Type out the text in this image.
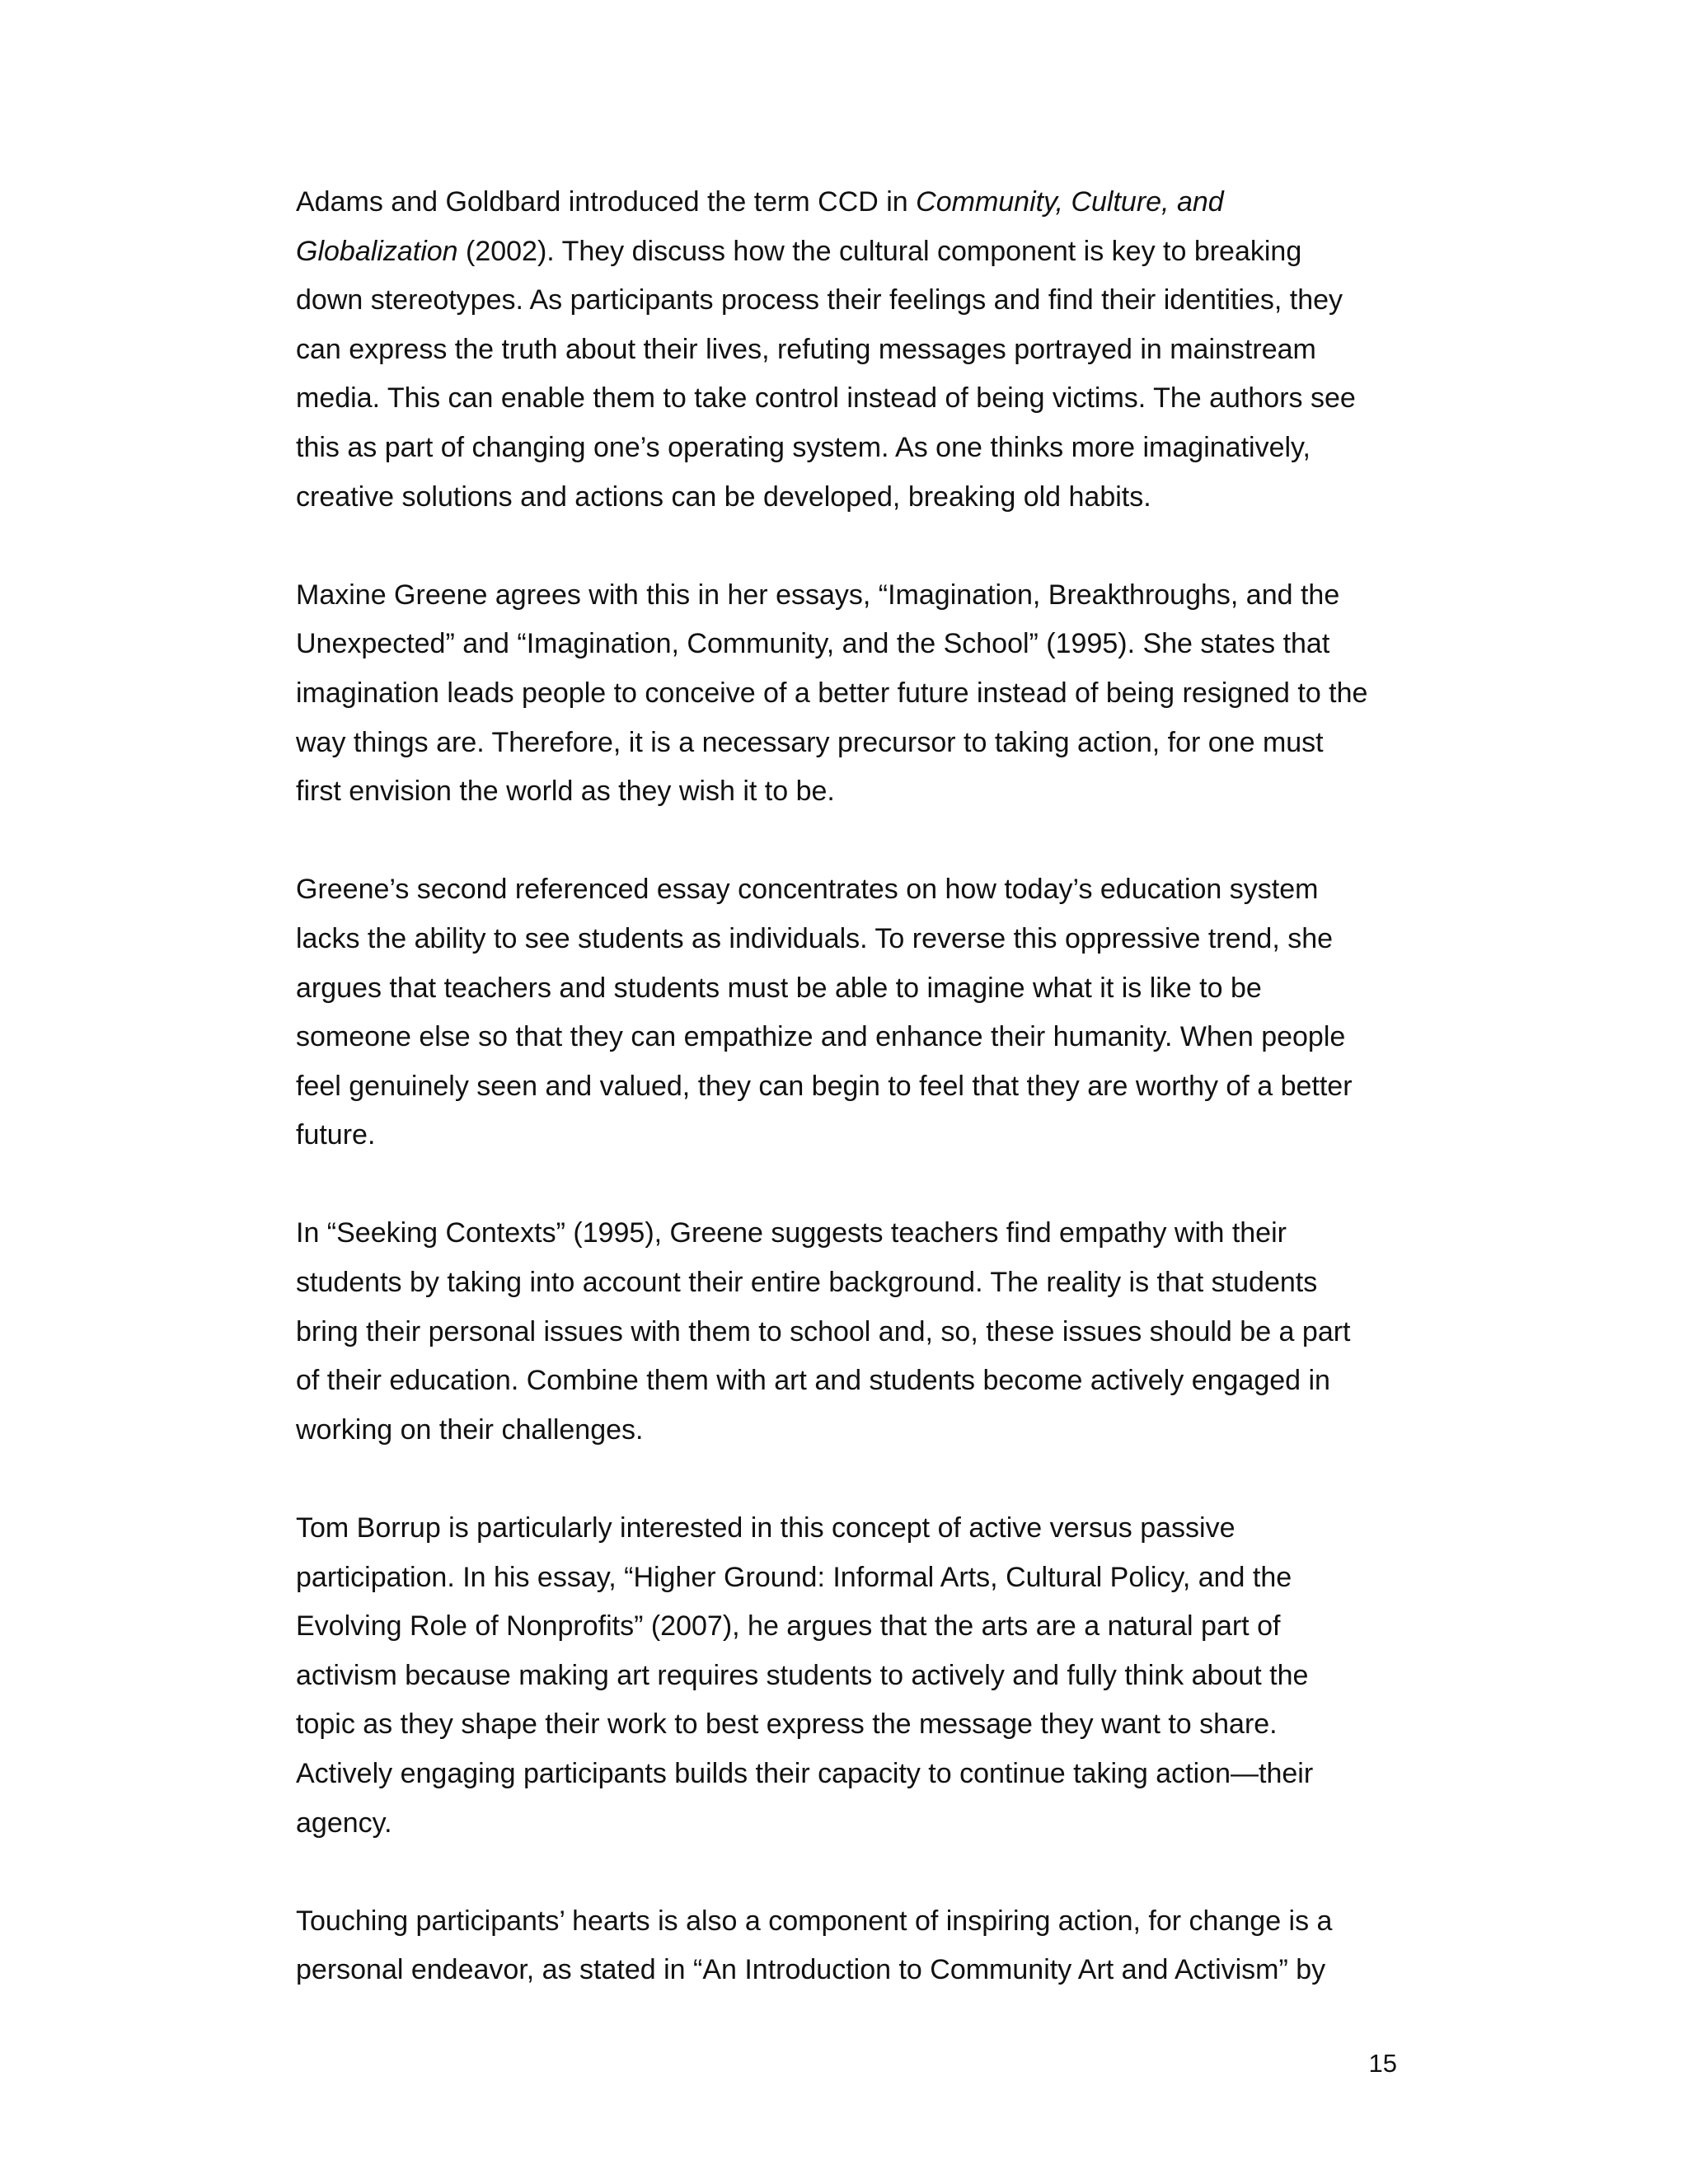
Adams and Goldbard introduced the term CCD in Community, Culture, and
Globalization (2002). They discuss how the cultural component is key to breaking
down stereotypes. As participants process their feelings and find their identities, they
can express the truth about their lives, refuting messages portrayed in mainstream
media. This can enable them to take control instead of being victims. The authors see
this as part of changing one’s operating system. As one thinks more imaginatively,
creative solutions and actions can be developed, breaking old habits.
Maxine Greene agrees with this in her essays, “Imagination, Breakthroughs, and the
Unexpected” and “Imagination, Community, and the School” (1995). She states that
imagination leads people to conceive of a better future instead of being resigned to the
way things are. Therefore, it is a necessary precursor to taking action, for one must
first envision the world as they wish it to be.
Greene’s second referenced essay concentrates on how today’s education system
lacks the ability to see students as individuals. To reverse this oppressive trend, she
argues that teachers and students must be able to imagine what it is like to be
someone else so that they can empathize and enhance their humanity. When people
feel genuinely seen and valued, they can begin to feel that they are worthy of a better
future.
In “Seeking Contexts” (1995), Greene suggests teachers find empathy with their
students by taking into account their entire background. The reality is that students
bring their personal issues with them to school and, so, these issues should be a part
of their education. Combine them with art and students become actively engaged in
working on their challenges.
Tom Borrup is particularly interested in this concept of active versus passive
participation. In his essay, “Higher Ground: Informal Arts, Cultural Policy, and the
Evolving Role of Nonprofits” (2007), he argues that the arts are a natural part of
activism because making art requires students to actively and fully think about the
topic as they shape their work to best express the message they want to share.
Actively engaging participants builds their capacity to continue taking action—their
agency.
Touching participants’ hearts is also a component of inspiring action, for change is a
personal endeavor, as stated in “An Introduction to Community Art and Activism” by
15
